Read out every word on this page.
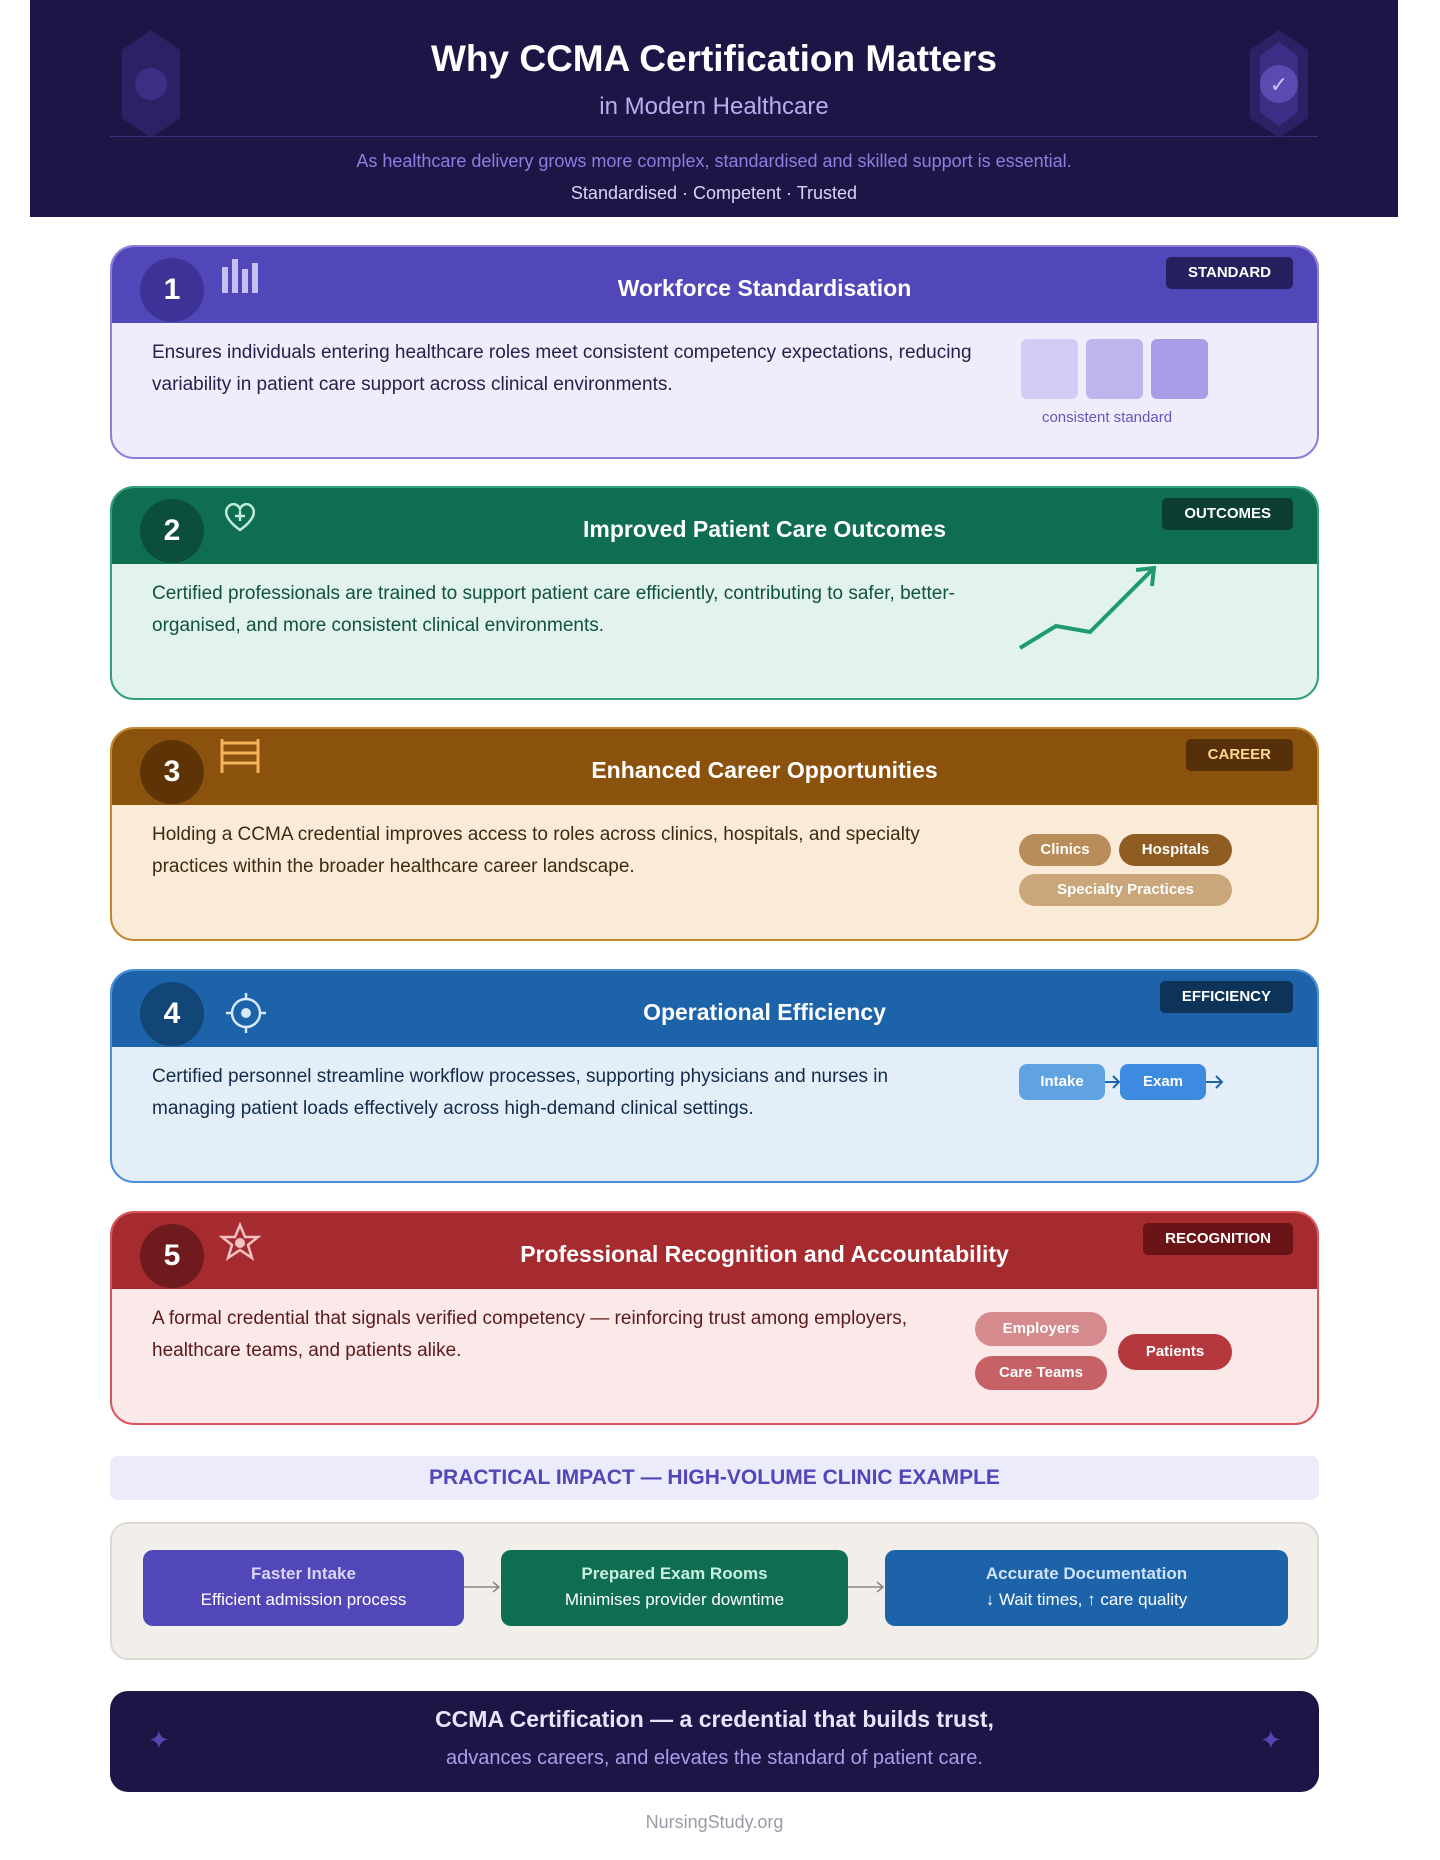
Why CCMA Certification Matters
in Modern Healthcare
As healthcare delivery grows more complex, standardised and skilled support is essential.
Standardised · Competent · Trusted
✓
1	Workforce Standardisation
STANDARD
Ensures individuals entering healthcare roles meet consistent competency expectations, reducing variability in patient care support across clinical environments.
consistent standard
2	Improved Patient Care Outcomes
OUTCOMES
Certified professionals are trained to support patient care efficiently, contributing to safer, better-organised, and more consistent clinical environments.
3	Enhanced Career Opportunities
CAREER
Holding a CCMA credential improves access to roles across clinics, hospitals, and specialty practices within the broader healthcare career landscape.
Clinics	Hospitals
Specialty Practices
4	Operational Efficiency
EFFICIENCY
Certified personnel streamline workflow processes, supporting physicians and nurses in managing patient loads effectively across high-demand clinical settings.
Intake	Exam
5	Professional Recognition and Accountability
RECOGNITION
A formal credential that signals verified competency — reinforcing trust among employers, healthcare teams, and patients alike.
Employers
Care Teams
Patients
PRACTICAL IMPACT — HIGH-VOLUME CLINIC EXAMPLE
Faster Intake
Efficient admission process
Prepared Exam Rooms
Minimises provider downtime
Accurate Documentation
↓ Wait times, ↑ care quality
✦
CCMA Certification — a credential that builds trust,
advances careers, and elevates the standard of patient care.
✦
NursingStudy.org
